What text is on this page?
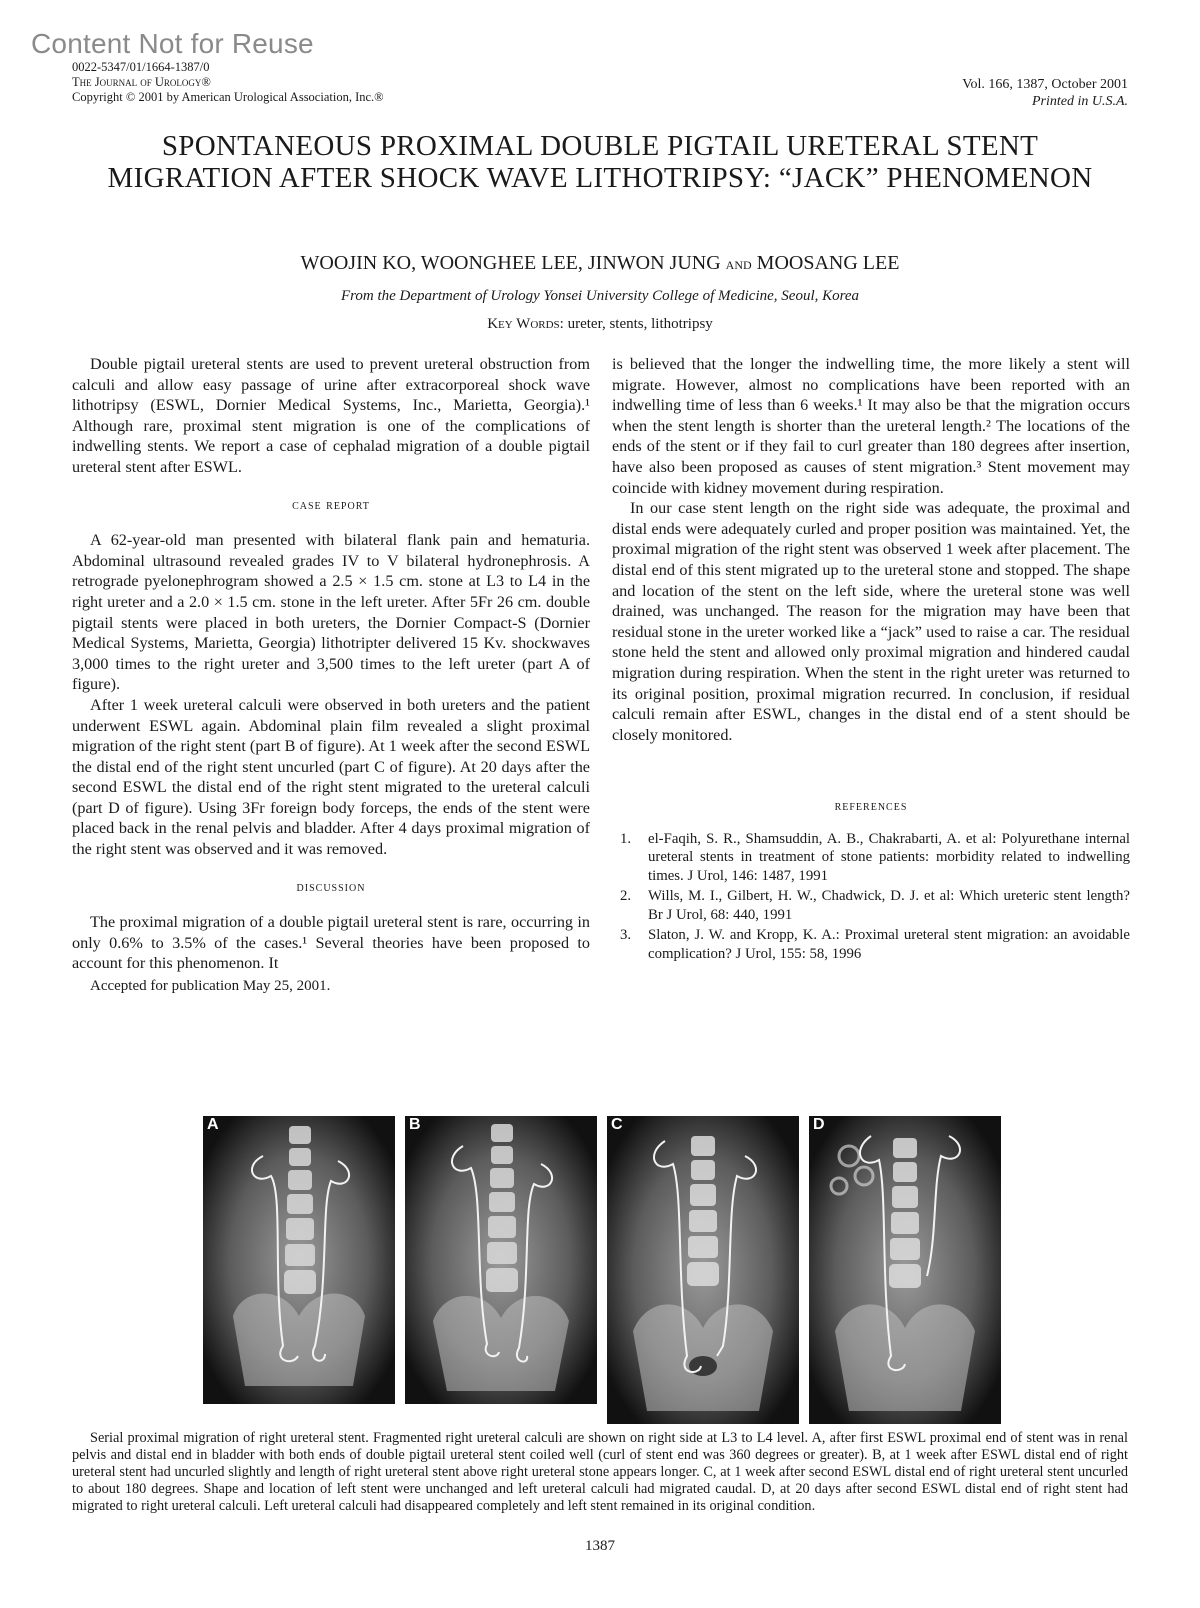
Content Not for Reuse
0022-5347/01/1664-1387/0
The Journal of Urology®
Copyright © 2001 by American Urological Association, Inc.®
Vol. 166, 1387, October 2001
Printed in U.S.A.
SPONTANEOUS PROXIMAL DOUBLE PIGTAIL URETERAL STENT MIGRATION AFTER SHOCK WAVE LITHOTRIPSY: “JACK” PHENOMENON
WOOJIN KO, WOONGHEE LEE, JINWON JUNG and MOOSANG LEE
From the Department of Urology Yonsei University College of Medicine, Seoul, Korea
Key Words: ureter, stents, lithotripsy

Double pigtail ureteral stents are used to prevent ureteral obstruction from calculi and allow easy passage of urine after extracorporeal shock wave lithotripsy (ESWL, Dornier Medical Systems, Inc., Marietta, Georgia).¹ Although rare, proximal stent migration is one of the complications of indwelling stents. We report a case of cephalad migration of a double pigtail ureteral stent after ESWL.

case report

A 62-year-old man presented with bilateral flank pain and hematuria. Abdominal ultrasound revealed grades IV to V bilateral hydronephrosis. A retrograde pyelonephrogram showed a 2.5 × 1.5 cm. stone at L3 to L4 in the right ureter and a 2.0 × 1.5 cm. stone in the left ureter. After 5Fr 26 cm. double pigtail stents were placed in both ureters, the Dornier Compact-S (Dornier Medical Systems, Marietta, Georgia) lithotripter delivered 15 Kv. shockwaves 3,000 times to the right ureter and 3,500 times to the left ureter (part A of figure).

After 1 week ureteral calculi were observed in both ureters and the patient underwent ESWL again. Abdominal plain film revealed a slight proximal migration of the right stent (part B of figure). At 1 week after the second ESWL the distal end of the right stent uncurled (part C of figure). At 20 days after the second ESWL the distal end of the right stent migrated to the ureteral calculi (part D of figure). Using 3Fr foreign body forceps, the ends of the stent were placed back in the renal pelvis and bladder. After 4 days proximal migration of the right stent was observed and it was removed.

discussion

The proximal migration of a double pigtail ureteral stent is rare, occurring in only 0.6% to 3.5% of the cases.¹ Several theories have been proposed to account for this phenomenon. It

Accepted for publication May 25, 2001.

is believed that the longer the indwelling time, the more likely a stent will migrate. However, almost no complications have been reported with an indwelling time of less than 6 weeks.¹ It may also be that the migration occurs when the stent length is shorter than the ureteral length.² The locations of the ends of the stent or if they fail to curl greater than 180 degrees after insertion, have also been proposed as causes of stent migration.³ Stent movement may coincide with kidney movement during respiration.

In our case stent length on the right side was adequate, the proximal and distal ends were adequately curled and proper position was maintained. Yet, the proximal migration of the right stent was observed 1 week after placement. The distal end of this stent migrated up to the ureteral stone and stopped. The shape and location of the stent on the left side, where the ureteral stone was well drained, was unchanged. The reason for the migration may have been that residual stone in the ureter worked like a “jack” used to raise a car. The residual stone held the stent and allowed only proximal migration and hindered caudal migration during respiration. When the stent in the right ureter was returned to its original position, proximal migration recurred. In conclusion, if residual calculi remain after ESWL, changes in the distal end of a stent should be closely monitored.

references
1. el-Faqih, S. R., Shamsuddin, A. B., Chakrabarti, A. et al: Polyurethane internal ureteral stents in treatment of stone patients: morbidity related to indwelling times. J Urol, 146: 1487, 1991
2. Wills, M. I., Gilbert, H. W., Chadwick, D. J. et al: Which ureteric stent length? Br J Urol, 68: 440, 1991
3. Slaton, J. W. and Kropp, K. A.: Proximal ureteral stent migration: an avoidable complication? J Urol, 155: 58, 1996
A	B	C	D
Serial proximal migration of right ureteral stent. Fragmented right ureteral calculi are shown on right side at L3 to L4 level. A, after first ESWL proximal end of stent was in renal pelvis and distal end in bladder with both ends of double pigtail ureteral stent coiled well (curl of stent end was 360 degrees or greater). B, at 1 week after ESWL distal end of right ureteral stent had uncurled slightly and length of right ureteral stent above right ureteral stone appears longer. C, at 1 week after second ESWL distal end of right ureteral stent uncurled to about 180 degrees. Shape and location of left stent were unchanged and left ureteral calculi had migrated caudal. D, at 20 days after second ESWL distal end of right stent had migrated to right ureteral calculi. Left ureteral calculi had disappeared completely and left stent remained in its original condition.
1387
